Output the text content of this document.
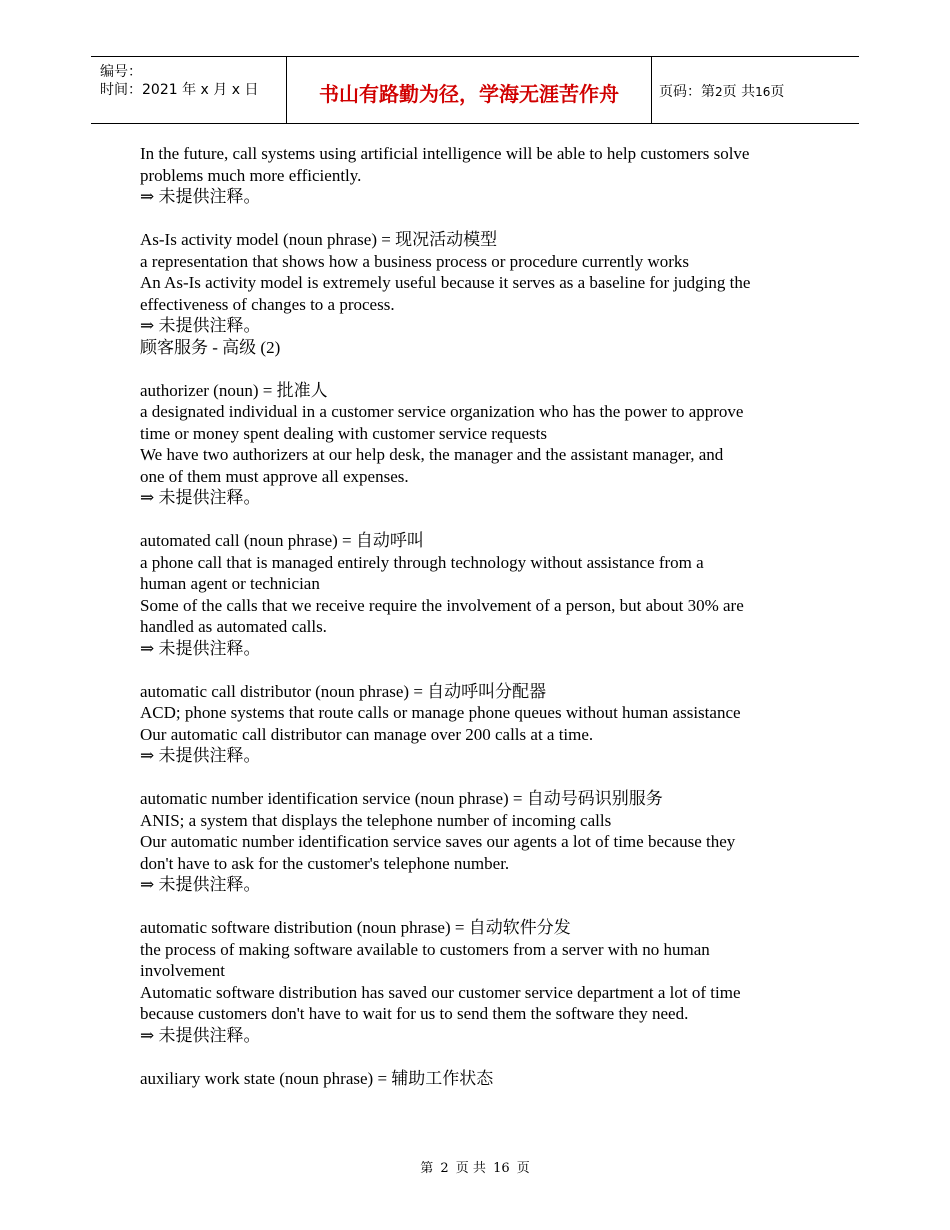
编号：
时间：2021 年 x 月 x 日	书山有路勤为径，学海无涯苦作舟	页码：第2页 共16页
In the future, call systems using artificial intelligence will be able to help customers solve
problems much more efficiently.
⇒ 未提供注释。
As-Is activity model (noun phrase) = 现况活动模型
a representation that shows how a business process or procedure currently works
An As-Is activity model is extremely useful because it serves as a baseline for judging the
effectiveness of changes to a process.
⇒ 未提供注释。
顾客服务 - 高级 (2)
authorizer (noun) = 批准人
a designated individual in a customer service organization who has the power to approve
time or money spent dealing with customer service requests
We have two authorizers at our help desk, the manager and the assistant manager, and
one of them must approve all expenses.
⇒ 未提供注释。
automated call (noun phrase) = 自动呼叫
a phone call that is managed entirely through technology without assistance from a
human agent or technician
Some of the calls that we receive require the involvement of a person, but about 30% are
handled as automated calls.
⇒ 未提供注释。
automatic call distributor (noun phrase) = 自动呼叫分配器
ACD; phone systems that route calls or manage phone queues without human assistance
Our automatic call distributor can manage over 200 calls at a time.
⇒ 未提供注释。
automatic number identification service (noun phrase) = 自动号码识别服务
ANIS; a system that displays the telephone number of incoming calls
Our automatic number identification service saves our agents a lot of time because they
don't have to ask for the customer's telephone number.
⇒ 未提供注释。
automatic software distribution (noun phrase) = 自动软件分发
the process of making software available to customers from a server with no human
involvement
Automatic software distribution has saved our customer service department a lot of time
because customers don't have to wait for us to send them the software they need.
⇒ 未提供注释。
auxiliary work state (noun phrase) = 辅助工作状态
第 2 页 共 16 页
